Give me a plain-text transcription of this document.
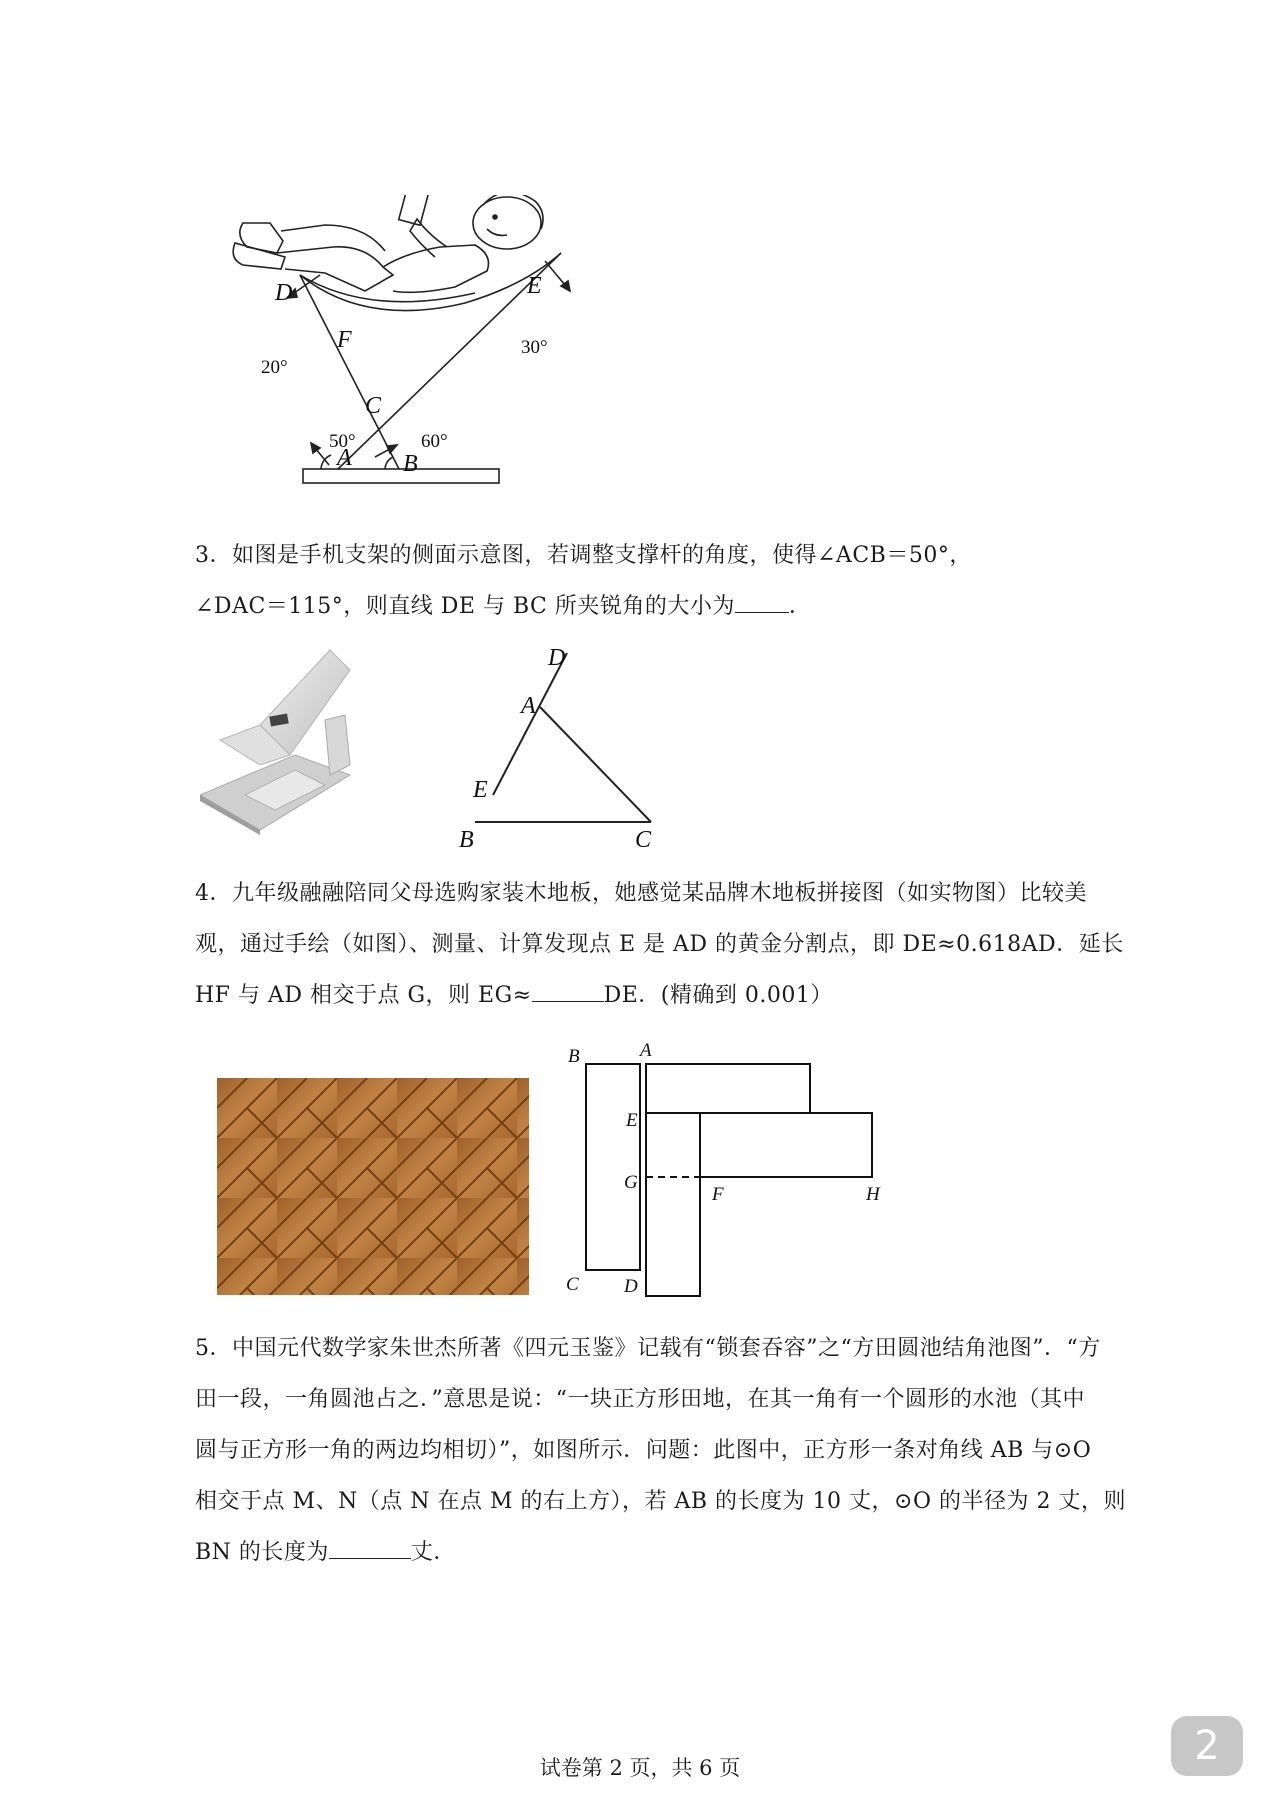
D	E
F
C
A B
20°
30°
50°	60°

3．如图是手机支架的侧面示意图，若调整支撑杆的角度，使得∠ACB＝50°，

∠DAC＝115°，则直线 DE 与 BC 所夹锐角的大小为 ．

D
A
E
B	C

4．九年级融融陪同父母选购家装木地板，她感觉某品牌木地板拼接图（如实物图）比较美

观，通过手绘（如图）、测量、计算发现点 E 是 AD 的黄金分割点，即 DE≈0.618AD．延长

HF 与 AD 相交于点 G，则 EG≈	DE．(精确到 0.001）

B	A
E
G
F	H
C D

5．中国元代数学家朱世杰所著《四元玉鉴》记载有“锁套吞容”之“方田圆池结角池图”．“方

田一段，一角圆池占之．”意思是说：“一块正方形田地，在其一角有一个圆形的水池（其中

圆与正方形一角的两边均相切）”，如图所示．问题：此图中，正方形一条对角线 AB 与⊙O

相交于点 M、N（点 N 在点 M 的右上方），若 AB 的长度为 10 丈，⊙O 的半径为 2 丈，则

BN 的长度为	丈．

试卷第 2 页，共 6 页	2
